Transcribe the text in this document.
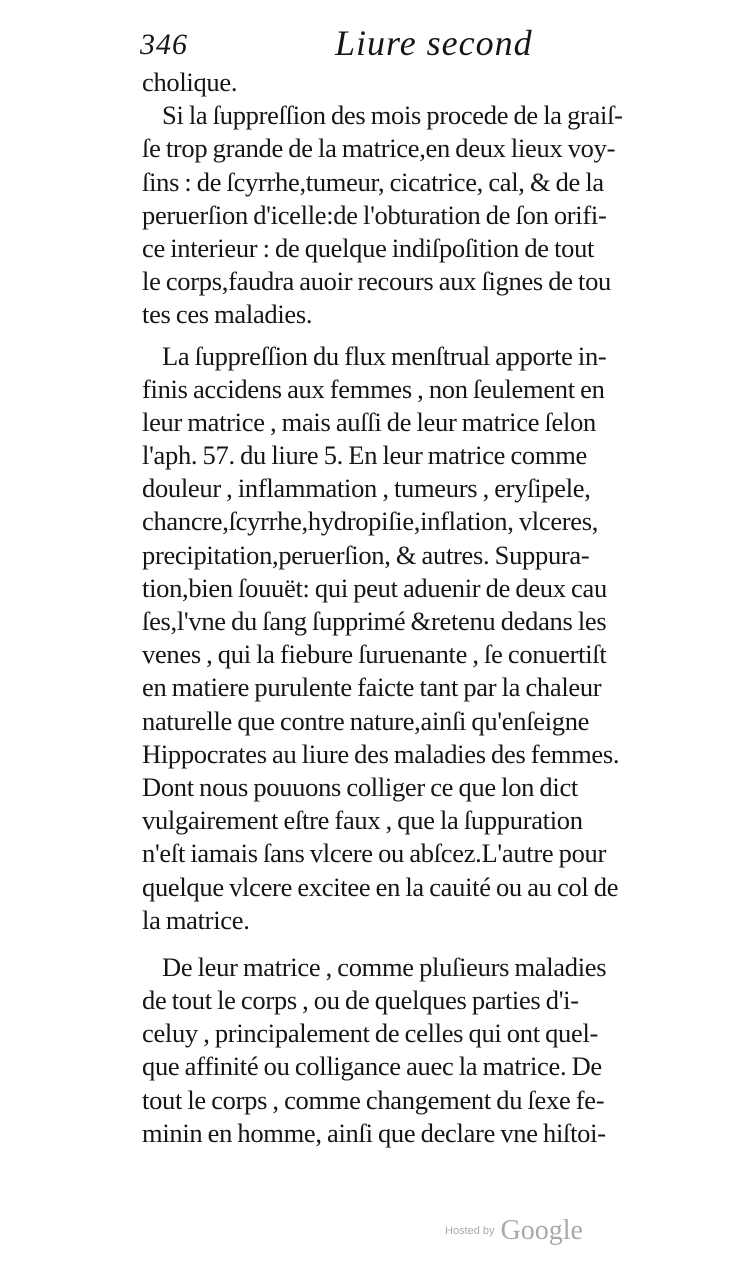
346	Liure second
cholique.
Si la ſuppreſſion des mois procede de la graiſ-
ſe trop grande de la matrice,en deux lieux voy-
ſins : de ſcyrrhe,tumeur, cicatrice, cal, & de la
peruerſion d'icelle:de l'obturation de ſon orifi-
ce interieur : de quelque indiſpoſition de tout
le corps,faudra auoir recours aux ſignes de tou
tes ces maladies.
La ſuppreſſion du flux menſtrual apporte in-
finis accidens aux femmes , non ſeulement en
leur matrice , mais auſſi de leur matrice ſelon
l'aph. 57. du liure 5. En leur matrice comme
douleur , inflammation , tumeurs , eryſipele,
chancre,ſcyrrhe,hydropiſie,inflation, vlceres,
precipitation,peruerſion, & autres. Suppura-
tion,bien ſouuët: qui peut aduenir de deux cau
ſes,l'vne du ſang ſupprimé &retenu dedans les
venes , qui la fiebure ſuruenante , ſe conuertiſt
en matiere purulente faicte tant par la chaleur
naturelle que contre nature,ainſi qu'enſeigne
Hippocrates au liure des maladies des femmes.
Dont nous pouuons colliger ce que lon dict
vulgairement eſtre faux , que la ſuppuration
n'eſt iamais ſans vlcere ou abſcez.L'autre pour
quelque vlcere excitee en la cauité ou au col de
la matrice.
De leur matrice , comme pluſieurs maladies
de tout le corps , ou de quelques parties d'i-
celuy , principalement de celles qui ont quel-
que affinité ou colligance auec la matrice. De
tout le corps , comme changement du ſexe fe-
minin en homme, ainſi que declare vne hiſtoi-
Hosted by Google
